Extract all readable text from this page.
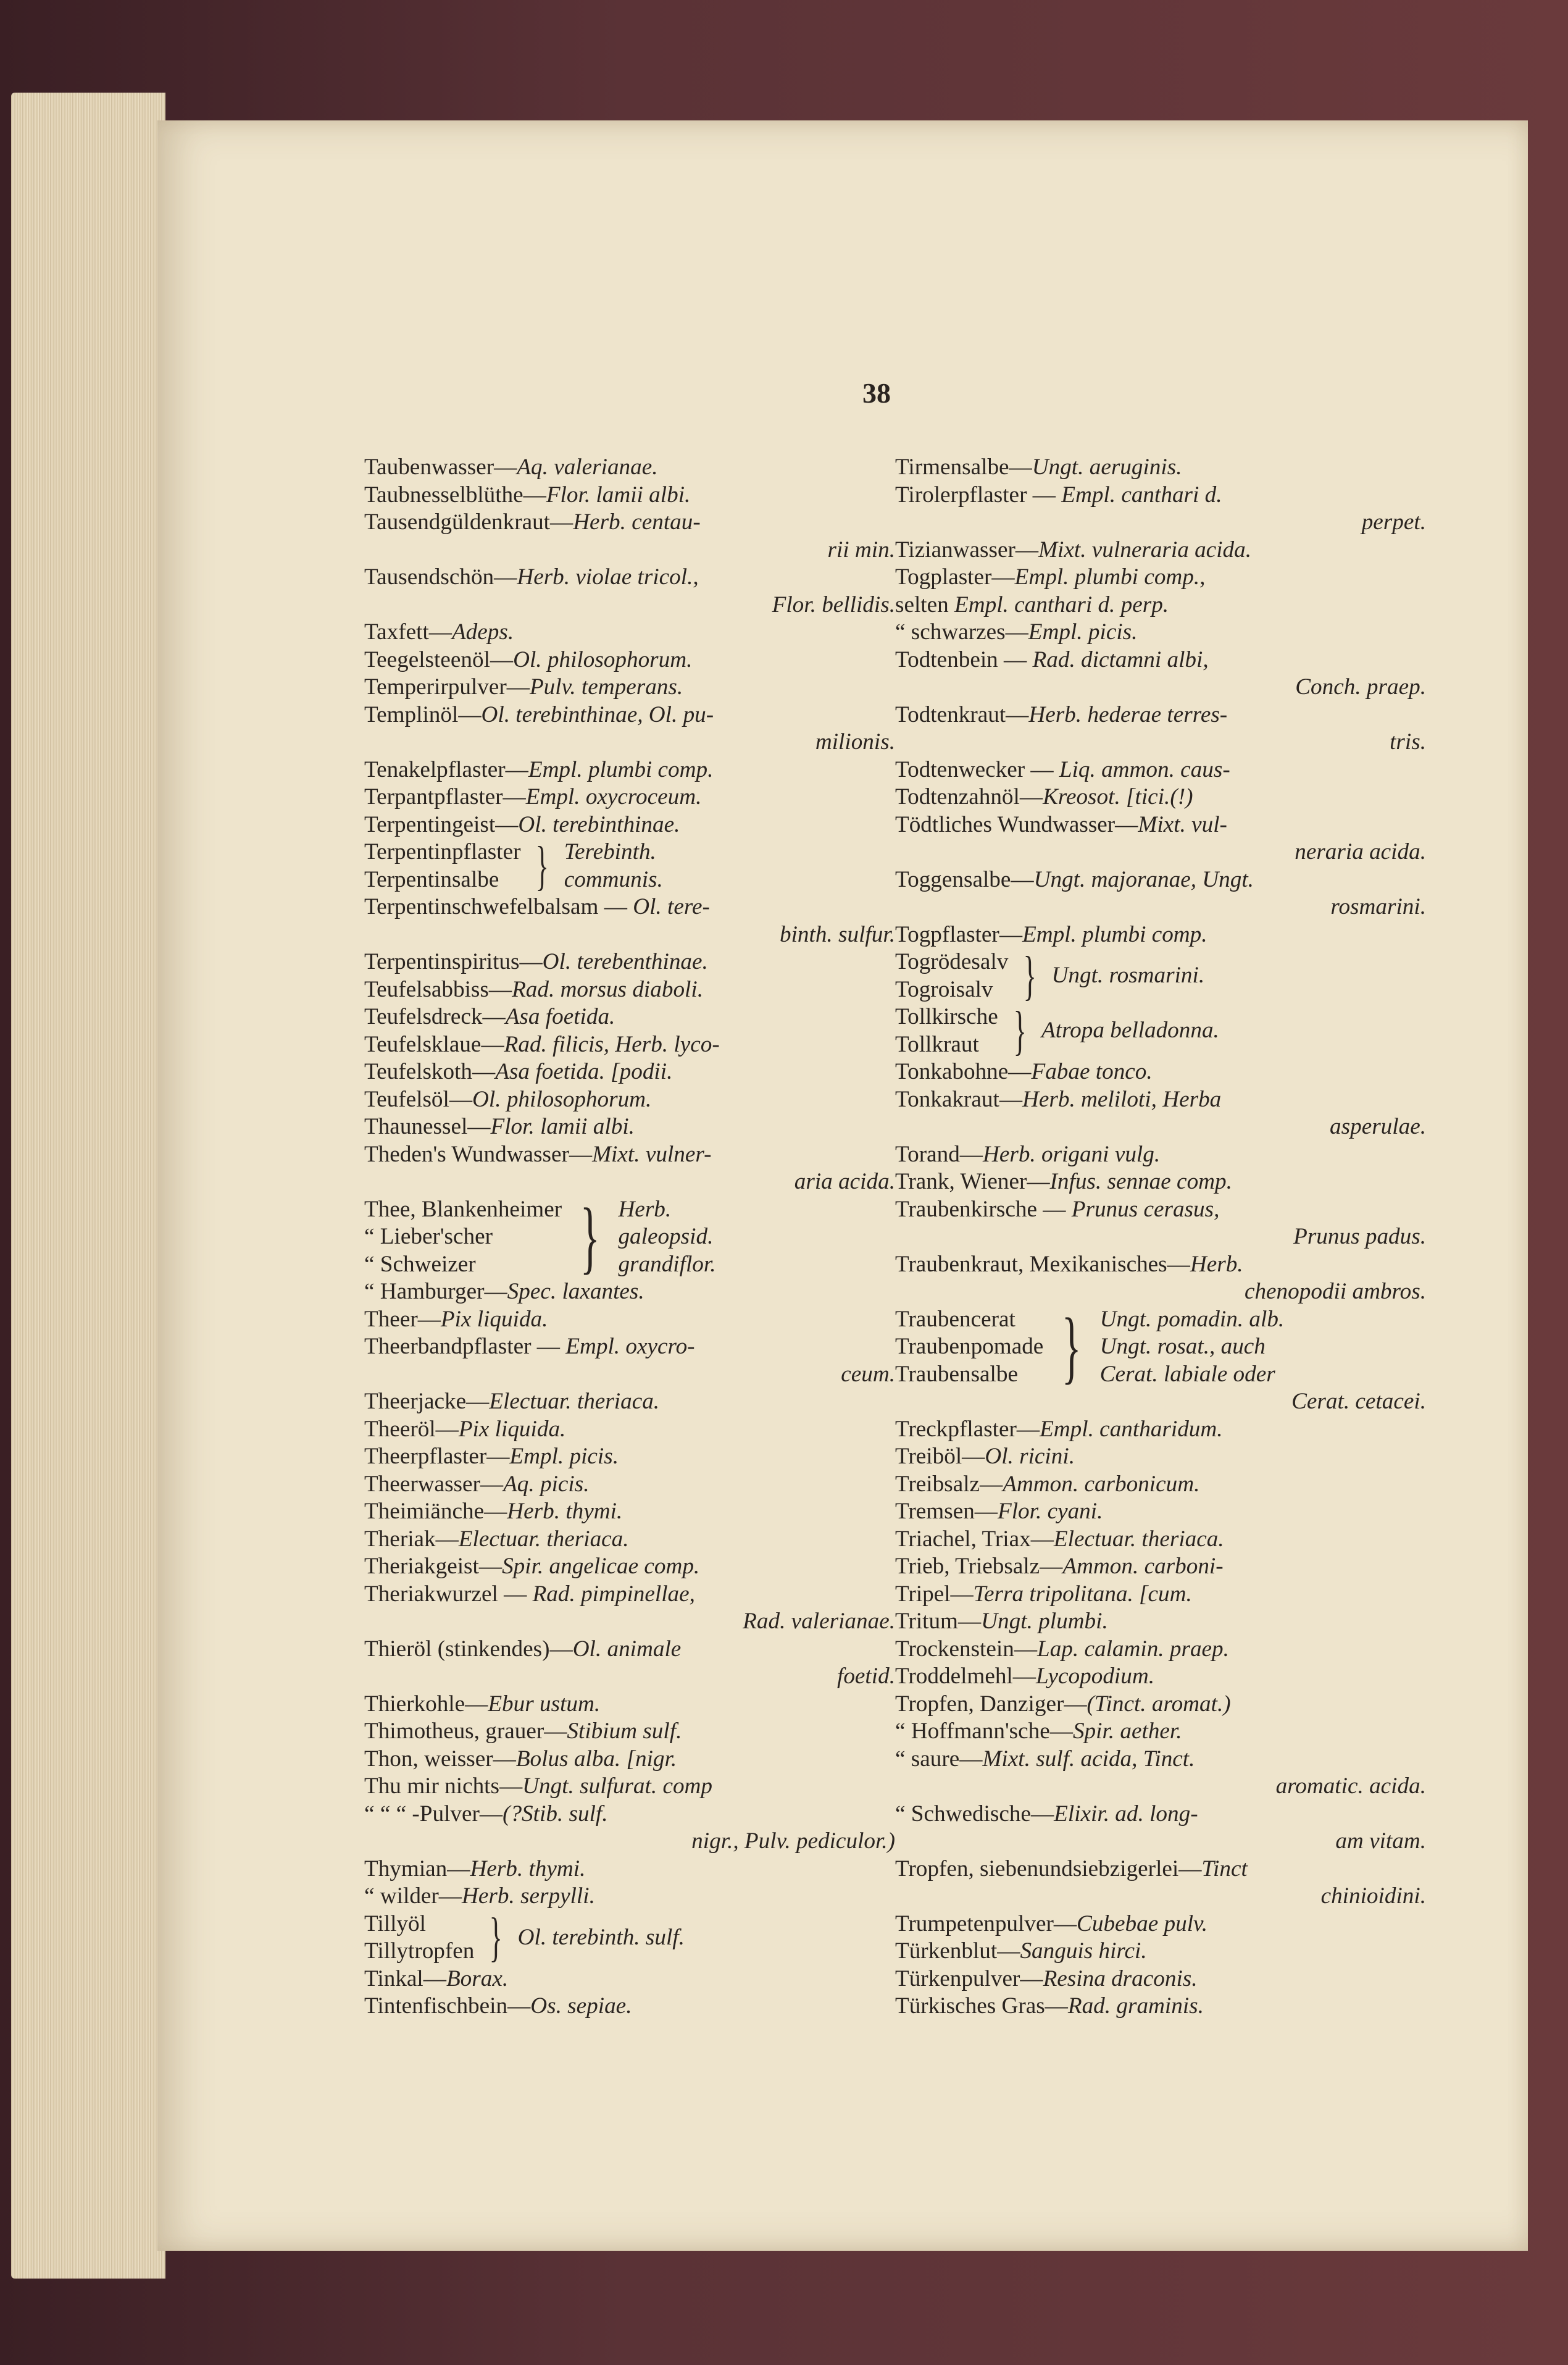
38
Taubenwasser—Aq. valerianae.
Taubnesselblüthe—Flor. lamii albi.
Tausendgüldenkraut—Herb. centau-
rii min.
Tausendschön—Herb. violae tricol.,
Flor. bellidis.
Taxfett—Adeps.
Teegelsteenöl—Ol. philosophorum.
Temperirpulver—Pulv. temperans.
Templinöl—Ol. terebinthinae, Ol. pu-
milionis.
Tenakelpflaster—Empl. plumbi comp.
Terpantpflaster—Empl. oxycroceum.
Terpentingeist—Ol. terebinthinae.
Terpentinpflaster
Terpentinsalbe } Terebinth.
communis.
Terpentinschwefelbalsam — Ol. tere-
binth. sulfur.
Terpentinspiritus—Ol. terebenthinae.
Teufelsabbiss—Rad. morsus diaboli.
Teufelsdreck—Asa foetida.
Teufelsklaue—Rad. filicis, Herb. lyco-
Teufelskoth—Asa foetida. [podii.
Teufelsöl—Ol. philosophorum.
Thaunessel—Flor. lamii albi.
Theden's Wundwasser—Mixt. vulner-
aria acida.
Thee, Blankenheimer
“ Lieber'scher
“ Schweizer	} Herb.
galeopsid.
grandiflor.
“ Hamburger—Spec. laxantes.
Theer—Pix liquida.
Theerbandpflaster — Empl. oxycro-
ceum.
Theerjacke—Electuar. theriaca.
Theeröl—Pix liquida.
Theerpflaster—Empl. picis.
Theerwasser—Aq. picis.
Theimiänche—Herb. thymi.
Theriak—Electuar. theriaca.
Theriakgeist—Spir. angelicae comp.
Theriakwurzel — Rad. pimpinellae,
Rad. valerianae.
Thieröl (stinkendes)—Ol. animale
foetid.
Thierkohle—Ebur ustum.
Thimotheus, grauer—Stibium sulf.
Thon, weisser—Bolus alba. [nigr.
Thu mir nichts—Ungt. sulfurat. comp
“ “ “ -Pulver—(?Stib. sulf.
nigr., Pulv. pediculor.)
Thymian—Herb. thymi.
“ wilder—Herb. serpylli.
Tillyöl
Tillytropfen } Ol. terebinth. sulf.
Tinkal—Borax.
Tintenfischbein—Os. sepiae.
Tirmensalbe—Ungt. aeruginis.
Tirolerpflaster — Empl. canthari d.
perpet.
Tizianwasser—Mixt. vulneraria acida.
Togplaster—Empl. plumbi comp.,
selten Empl. canthari d. perp.
“ schwarzes—Empl. picis.
Todtenbein — Rad. dictamni albi,
Conch. praep.
Todtenkraut—Herb. hederae terres-
tris.
Todtenwecker — Liq. ammon. caus-
Todtenzahnöl—Kreosot. [tici.(!)
Tödtliches Wundwasser—Mixt. vul-
neraria acida.
Toggensalbe—Ungt. majoranae, Ungt.
rosmarini.
Togpflaster—Empl. plumbi comp.
Togrödesalv
Togroisalv } Ungt. rosmarini.
Tollkirsche
Tollkraut } Atropa belladonna.
Tonkabohne—Fabae tonco.
Tonkakraut—Herb. meliloti, Herba
asperulae.
Torand—Herb. origani vulg.
Trank, Wiener—Infus. sennae comp.
Traubenkirsche — Prunus cerasus,
Prunus padus.
Traubenkraut, Mexikanisches—Herb.
chenopodii ambros.
Traubencerat
Traubenpomade
Traubensalbe } Ungt. pomadin. alb.
Ungt. rosat., auch
Cerat. labiale oder
Cerat. cetacei.
Treckpflaster—Empl. cantharidum.
Treiböl—Ol. ricini.
Treibsalz—Ammon. carbonicum.
Tremsen—Flor. cyani.
Triachel, Triax—Electuar. theriaca.
Trieb, Triebsalz—Ammon. carboni-
Tripel—Terra tripolitana. [cum.
Tritum—Ungt. plumbi.
Trockenstein—Lap. calamin. praep.
Troddelmehl—Lycopodium.
Tropfen, Danziger—(Tinct. aromat.)
“ Hoffmann'sche—Spir. aether.
“ saure—Mixt. sulf. acida, Tinct.
aromatic. acida.
“ Schwedische—Elixir. ad. long-
am vitam.
Tropfen, siebenundsiebzigerlei—Tinct
chinioidini.
Trumpetenpulver—Cubebae pulv.
Türkenblut—Sanguis hirci.
Türkenpulver—Resina draconis.
Türkisches Gras—Rad. graminis.
